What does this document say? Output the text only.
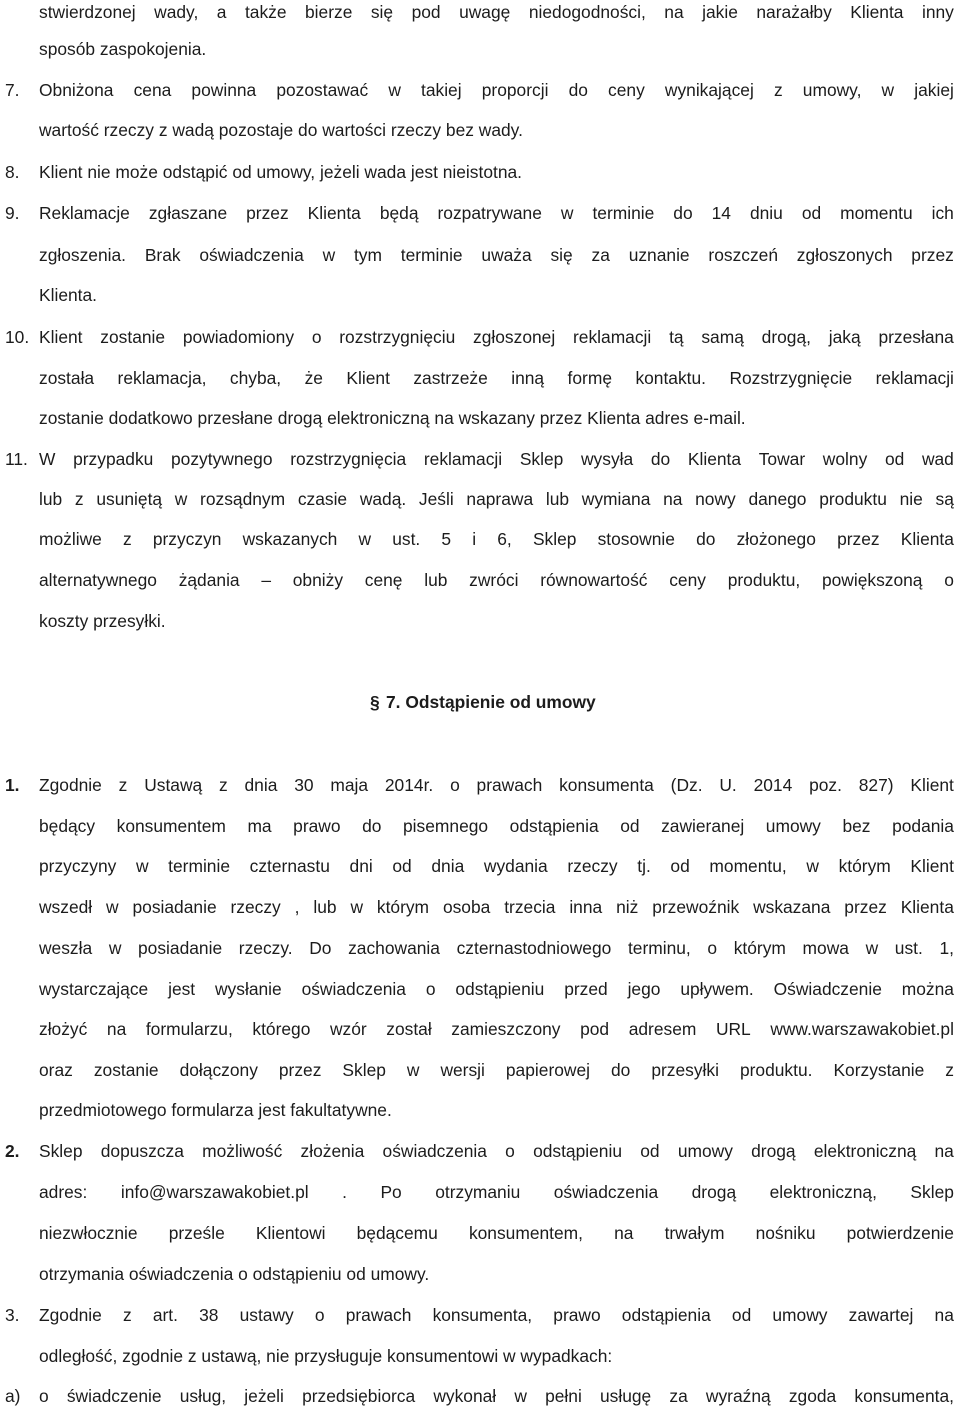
stwierdzonej wady, a także bierze się pod uwagę niedogodności, na jakie narażałby Klienta inny
sposób zaspokojenia.
7. Obniżona cena powinna pozostawać w takiej proporcji do ceny wynikającej z umowy, w jakiej
wartość rzeczy z wadą pozostaje do wartości rzeczy bez wady.
8. Klient nie może odstąpić od umowy, jeżeli wada jest nieistotna.
9. Reklamacje zgłaszane przez Klienta będą rozpatrywane w terminie do 14 dniu od momentu ich
zgłoszenia. Brak oświadczenia w tym terminie uważa się za uznanie roszczeń zgłoszonych przez
Klienta.
10. Klient zostanie powiadomiony o rozstrzygnięciu zgłoszonej reklamacji tą samą drogą, jaką przesłana
została reklamacja, chyba, że Klient zastrzeże inną formę kontaktu. Rozstrzygnięcie reklamacji
zostanie dodatkowo przesłane drogą elektroniczną na wskazany przez Klienta adres e-mail.
11. W przypadku pozytywnego rozstrzygnięcia reklamacji Sklep wysyła do Klienta Towar wolny od wad
lub z usuniętą w rozsądnym czasie wadą. Jeśli naprawa lub wymiana na nowy danego produktu nie są
możliwe z przyczyn wskazanych w ust. 5 i 6, Sklep stosownie do złożonego przez Klienta
alternatywnego żądania – obniży cenę lub zwróci równowartość ceny produktu, powiększoną o
koszty przesyłki.
§ 7. Odstąpienie od umowy
1. Zgodnie z Ustawą z dnia 30 maja 2014r. o prawach konsumenta (Dz. U. 2014 poz. 827) Klient
będący konsumentem ma prawo do pisemnego odstąpienia od zawieranej umowy bez podania
przyczyny w terminie czternastu dni od dnia wydania rzeczy tj. od momentu, w którym Klient
wszedł w posiadanie rzeczy , lub w którym osoba trzecia inna niż przewoźnik wskazana przez Klienta
weszła w posiadanie rzeczy. Do zachowania czternastodniowego terminu, o którym mowa w ust. 1,
wystarczające jest wysłanie oświadczenia o odstąpieniu przed jego upływem. Oświadczenie można
złożyć na formularzu, którego wzór został zamieszczony pod adresem URL www.warszawakobiet.pl
oraz zostanie dołączony przez Sklep w wersji papierowej do przesyłki produktu. Korzystanie z
przedmiotowego formularza jest fakultatywne.
2. Sklep dopuszcza możliwość złożenia oświadczenia o odstąpieniu od umowy drogą elektroniczną na
adres: info@warszawakobiet.pl . Po otrzymaniu oświadczenia drogą elektroniczną, Sklep
niezwłocznie prześle Klientowi będącemu konsumentem, na trwałym nośniku potwierdzenie
otrzymania oświadczenia o odstąpieniu od umowy.
3. Zgodnie z art. 38 ustawy o prawach konsumenta, prawo odstąpienia od umowy zawartej na
odległość, zgodnie z ustawą, nie przysługuje konsumentowi w wypadkach:
a) o świadczenie usług, jeżeli przedsiębiorca wykonał w pełni usługę za wyraźną zgoda konsumenta,
